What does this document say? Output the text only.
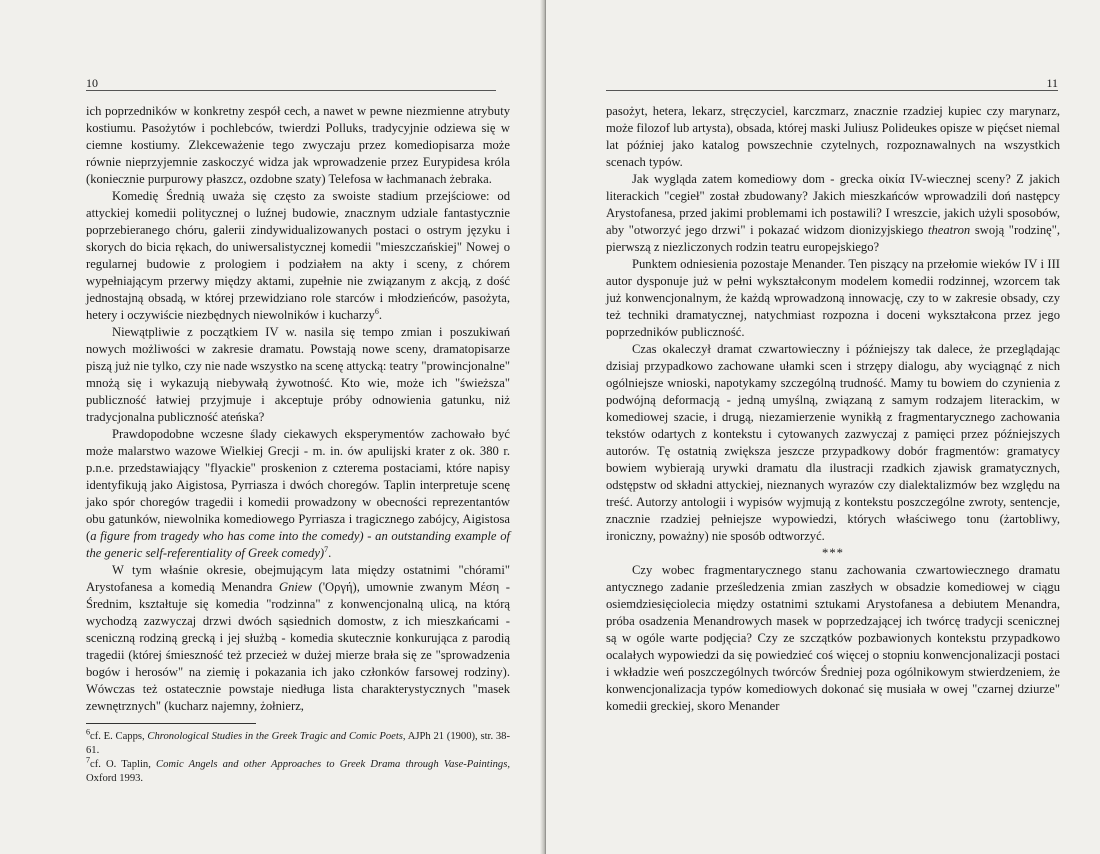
10

ich poprzedników w konkretny zespół cech, a nawet w pewne niezmienne atrybuty kostiumu. Pasożytów i pochlebców, twierdzi Polluks, tradycyjnie odziewa się w ciemne kostiumy. Zlekceważenie tego zwyczaju przez komediopisarza może równie nieprzyjemnie zaskoczyć widza jak wprowadzenie przez Eurypidesa króla (koniecznie purpurowy płaszcz, ozdobne szaty) Telefosa w łachmanach żebraka.

Komedię Średnią uważa się często za swoiste stadium przejściowe: od attyckiej komedii politycznej o luźnej budowie, znacznym udziale fantastycznie poprzebieranego chóru, galerii zindywidualizowanych postaci o ostrym języku i skorych do bicia rękach, do uniwersalistycznej komedii "mieszczańskiej" Nowej o regularnej budowie z prologiem i podziałem na akty i sceny, z chórem wypełniającym przerwy między aktami, zupełnie nie związanym z akcją, z dość jednostajną obsadą, w której przewidziano role starców i młodzieńców, pasożyta, hetery i oczywiście niezbędnych niewolników i kucharzy$^6$.

Niewątpliwie z początkiem IV w. nasila się tempo zmian i poszukiwań nowych możliwości w zakresie dramatu. Powstają nowe sceny, dramatopisarze piszą już nie tylko, czy nie nade wszystko na scenę attycką: teatry "prowincjonalne" mnożą się i wykazują niebywałą żywotność. Kto wie, może ich "świeższa" publiczność łatwiej przyjmuje i akceptuje próby odnowienia gatunku, niż tradycjonalna publiczność ateńska?

Prawdopodobne wczesne ślady ciekawych eksperymentów zachowało być może malarstwo wazowe Wielkiej Grecji - m. in. ów apulijski krater z ok. 380 r. p.n.e. przedstawiający "flyackie" proskenion z czterema postaciami, które napisy identyfikują jako Aigistosa, Pyrriasza i dwóch choregów. Taplin interpretuje scenę jako spór choregów tragedii i komedii prowadzony w obecności reprezentantów obu gatunków, niewolnika komediowego Pyrriasza i tragicznego zabójcy, Aigistosa (a figure from tragedy who has come into the comedy) - an outstanding example of the generic self-referentiality of Greek comedy)$^7$.

W tym właśnie okresie, obejmującym lata między ostatnimi "chórami" Arystofanesa a komedią Menandra Gniew ('Οργή), umownie zwanym Μέση - Średnim, kształtuje się komedia "rodzinna" z konwencjonalną ulicą, na którą wychodzą zazwyczaj drzwi dwóch sąsiednich domostw, z ich mieszkańcami - sceniczną rodziną grecką i jej służbą - komedia skutecznie konkurująca z parodią tragedii (której śmieszność też przecież w dużej mierze brała się ze "sprowadzenia bogów i herosów" na ziemię i pokazania ich jako członków farsowej rodziny). Wówczas też ostatecznie powstaje niedługa lista charakterystycznych "masek zewnętrznych" (kucharz najemny, żołnierz,

$^6$cf. E. Capps, Chronological Studies in the Greek Tragic and Comic Poets, AJPh 21 (1900), str. 38-61.

$^7$cf. O. Taplin, Comic Angels and other Approaches to Greek Drama through Vase-Paintings, Oxford 1993.

11

pasożyt, hetera, lekarz, stręczyciel, karczmarz, znacznie rzadziej kupiec czy marynarz, może filozof lub artysta), obsada, której maski Juliusz Polideukes opisze w pięćset niemal lat później jako katalog powszechnie czytelnych, rozpoznawalnych na wszystkich scenach typów.

Jak wygląda zatem komediowy dom - grecka οἰκία IV-wiecznej sceny? Z jakich literackich "cegieł" został zbudowany? Jakich mieszkańców wprowadzili doń następcy Arystofanesa, przed jakimi problemami ich postawili? I wreszcie, jakich użyli sposobów, aby "otworzyć jego drzwi" i pokazać widzom dionizyjskiego theatron swoją "rodzinę", pierwszą z niezliczonych rodzin teatru europejskiego?

Punktem odniesienia pozostaje Menander. Ten piszący na przełomie wieków IV i III autor dysponuje już w pełni wykształconym modelem komedii rodzinnej, wzorcem tak już konwencjonalnym, że każdą wprowadzoną innowację, czy to w zakresie obsady, czy też techniki dramatycznej, natychmiast rozpozna i doceni wykształcona przez jego poprzedników publiczność.

Czas okaleczył dramat czwartowieczny i późniejszy tak dalece, że przeglądając dzisiaj przypadkowo zachowane ułamki scen i strzępy dialogu, aby wyciągnąć z nich ogólniejsze wnioski, napotykamy szczególną trudność. Mamy tu bowiem do czynienia z podwójną deformacją - jedną umyślną, związaną z samym rodzajem literackim, w komediowej szacie, i drugą, niezamierzenie wynikłą z fragmentarycznego zachowania tekstów odartych z kontekstu i cytowanych zazwyczaj z pamięci przez późniejszych autorów. Tę ostatnią zwiększa jeszcze przypadkowy dobór fragmentów: gramatycy bowiem wybierają urywki dramatu dla ilustracji rzadkich zjawisk gramatycznych, odstępstw od składni attyckiej, nieznanych wyrazów czy dialektalizmów bez względu na treść. Autorzy antologii i wypisów wyjmują z kontekstu poszczególne zwroty, sentencje, znacznie rzadziej pełniejsze wypowiedzi, których właściwego tonu (żartobliwy, ironiczny, poważny) nie sposób odtworzyć.

***

Czy wobec fragmentarycznego stanu zachowania czwartowiecznego dramatu antycznego zadanie prześledzenia zmian zaszłych w obsadzie komediowej w ciągu osiemdziesięciolecia między ostatnimi sztukami Arystofanesa a debiutem Menandra, próba osadzenia Menandrowych masek w poprzedzającej ich twórcę tradycji scenicznej są w ogóle warte podjęcia? Czy ze szczątków pozbawionych kontekstu przypadkowo ocalałych wypowiedzi da się powiedzieć coś więcej o stopniu konwencjonalizacji postaci i wkładzie weń poszczególnych twórców Średniej poza ogólnikowym stwierdzeniem, że konwencjonalizacja typów komediowych dokonać się musiała w owej "czarnej dziurze" komedii greckiej, skoro Menander
